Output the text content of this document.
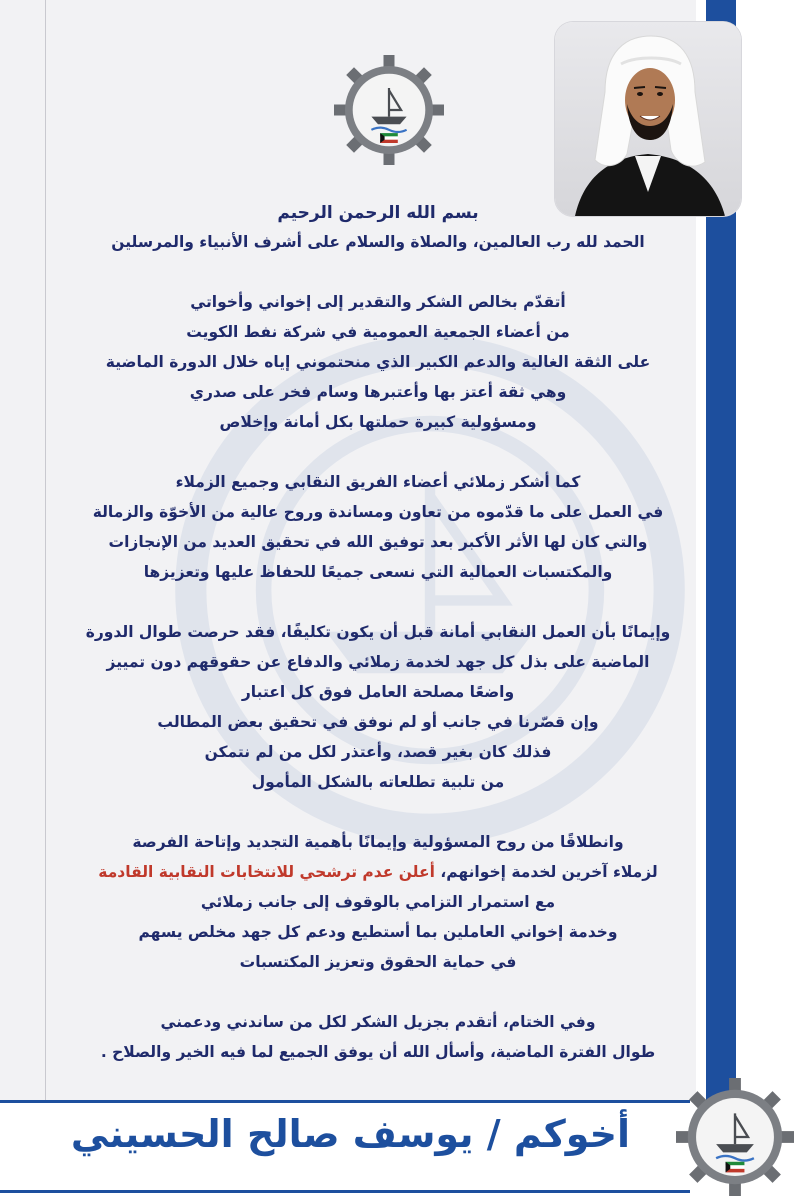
بسم الله الرحمن الرحيم

الحمد لله رب العالمين، والصلاة والسلام على أشرف الأنبياء والمرسلين

أتقدّم بخالص الشكر والتقدير إلى إخواني وأخواتي

من أعضاء الجمعية العمومية في شركة نفط الكويت

على الثقة الغالية والدعم الكبير الذي منحتموني إياه خلال الدورة الماضية

وهي ثقة أعتز بها وأعتبرها وسام فخر على صدري

ومسؤولية كبيرة حملتها بكل أمانة وإخلاص

كما أشكر زملائي أعضاء الفريق النقابي وجميع الزملاء

في العمل على ما قدّموه من تعاون ومساندة وروح عالية من الأخوّة والزمالة

والتي كان لها الأثر الأكبر بعد توفيق الله في تحقيق العديد من الإنجازات

والمكتسبات العمالية التي نسعى جميعًا للحفاظ عليها وتعزيزها

وإيمانًا بأن العمل النقابي أمانة قبل أن يكون تكليفًا، فقد حرصت طوال الدورة

الماضية على بذل كل جهد لخدمة زملائي والدفاع عن حقوقهم دون تمييز

واضعًا مصلحة العامل فوق كل اعتبار

وإن قصّرنا في جانب أو لم نوفق في تحقيق بعض المطالب

فذلك كان بغير قصد، وأعتذر لكل من لم نتمكن

من تلبية تطلعاته بالشكل المأمول

وانطلاقًا من روح المسؤولية وإيمانًا بأهمية التجديد وإتاحة الفرصة

لزملاء آخرين لخدمة إخوانهم، أعلن عدم ترشحي للانتخابات النقابية القادمة

مع استمرار التزامي بالوقوف إلى جانب زملائي

وخدمة إخواني العاملين بما أستطيع ودعم كل جهد مخلص يسهم

في حماية الحقوق وتعزيز المكتسبات

وفي الختام، أتقدم بجزيل الشكر لكل من ساندني ودعمني

طوال الفترة الماضية، وأسأل الله أن يوفق الجميع لما فيه الخير والصلاح .

أخوكم / يوسف صالح الحسيني
